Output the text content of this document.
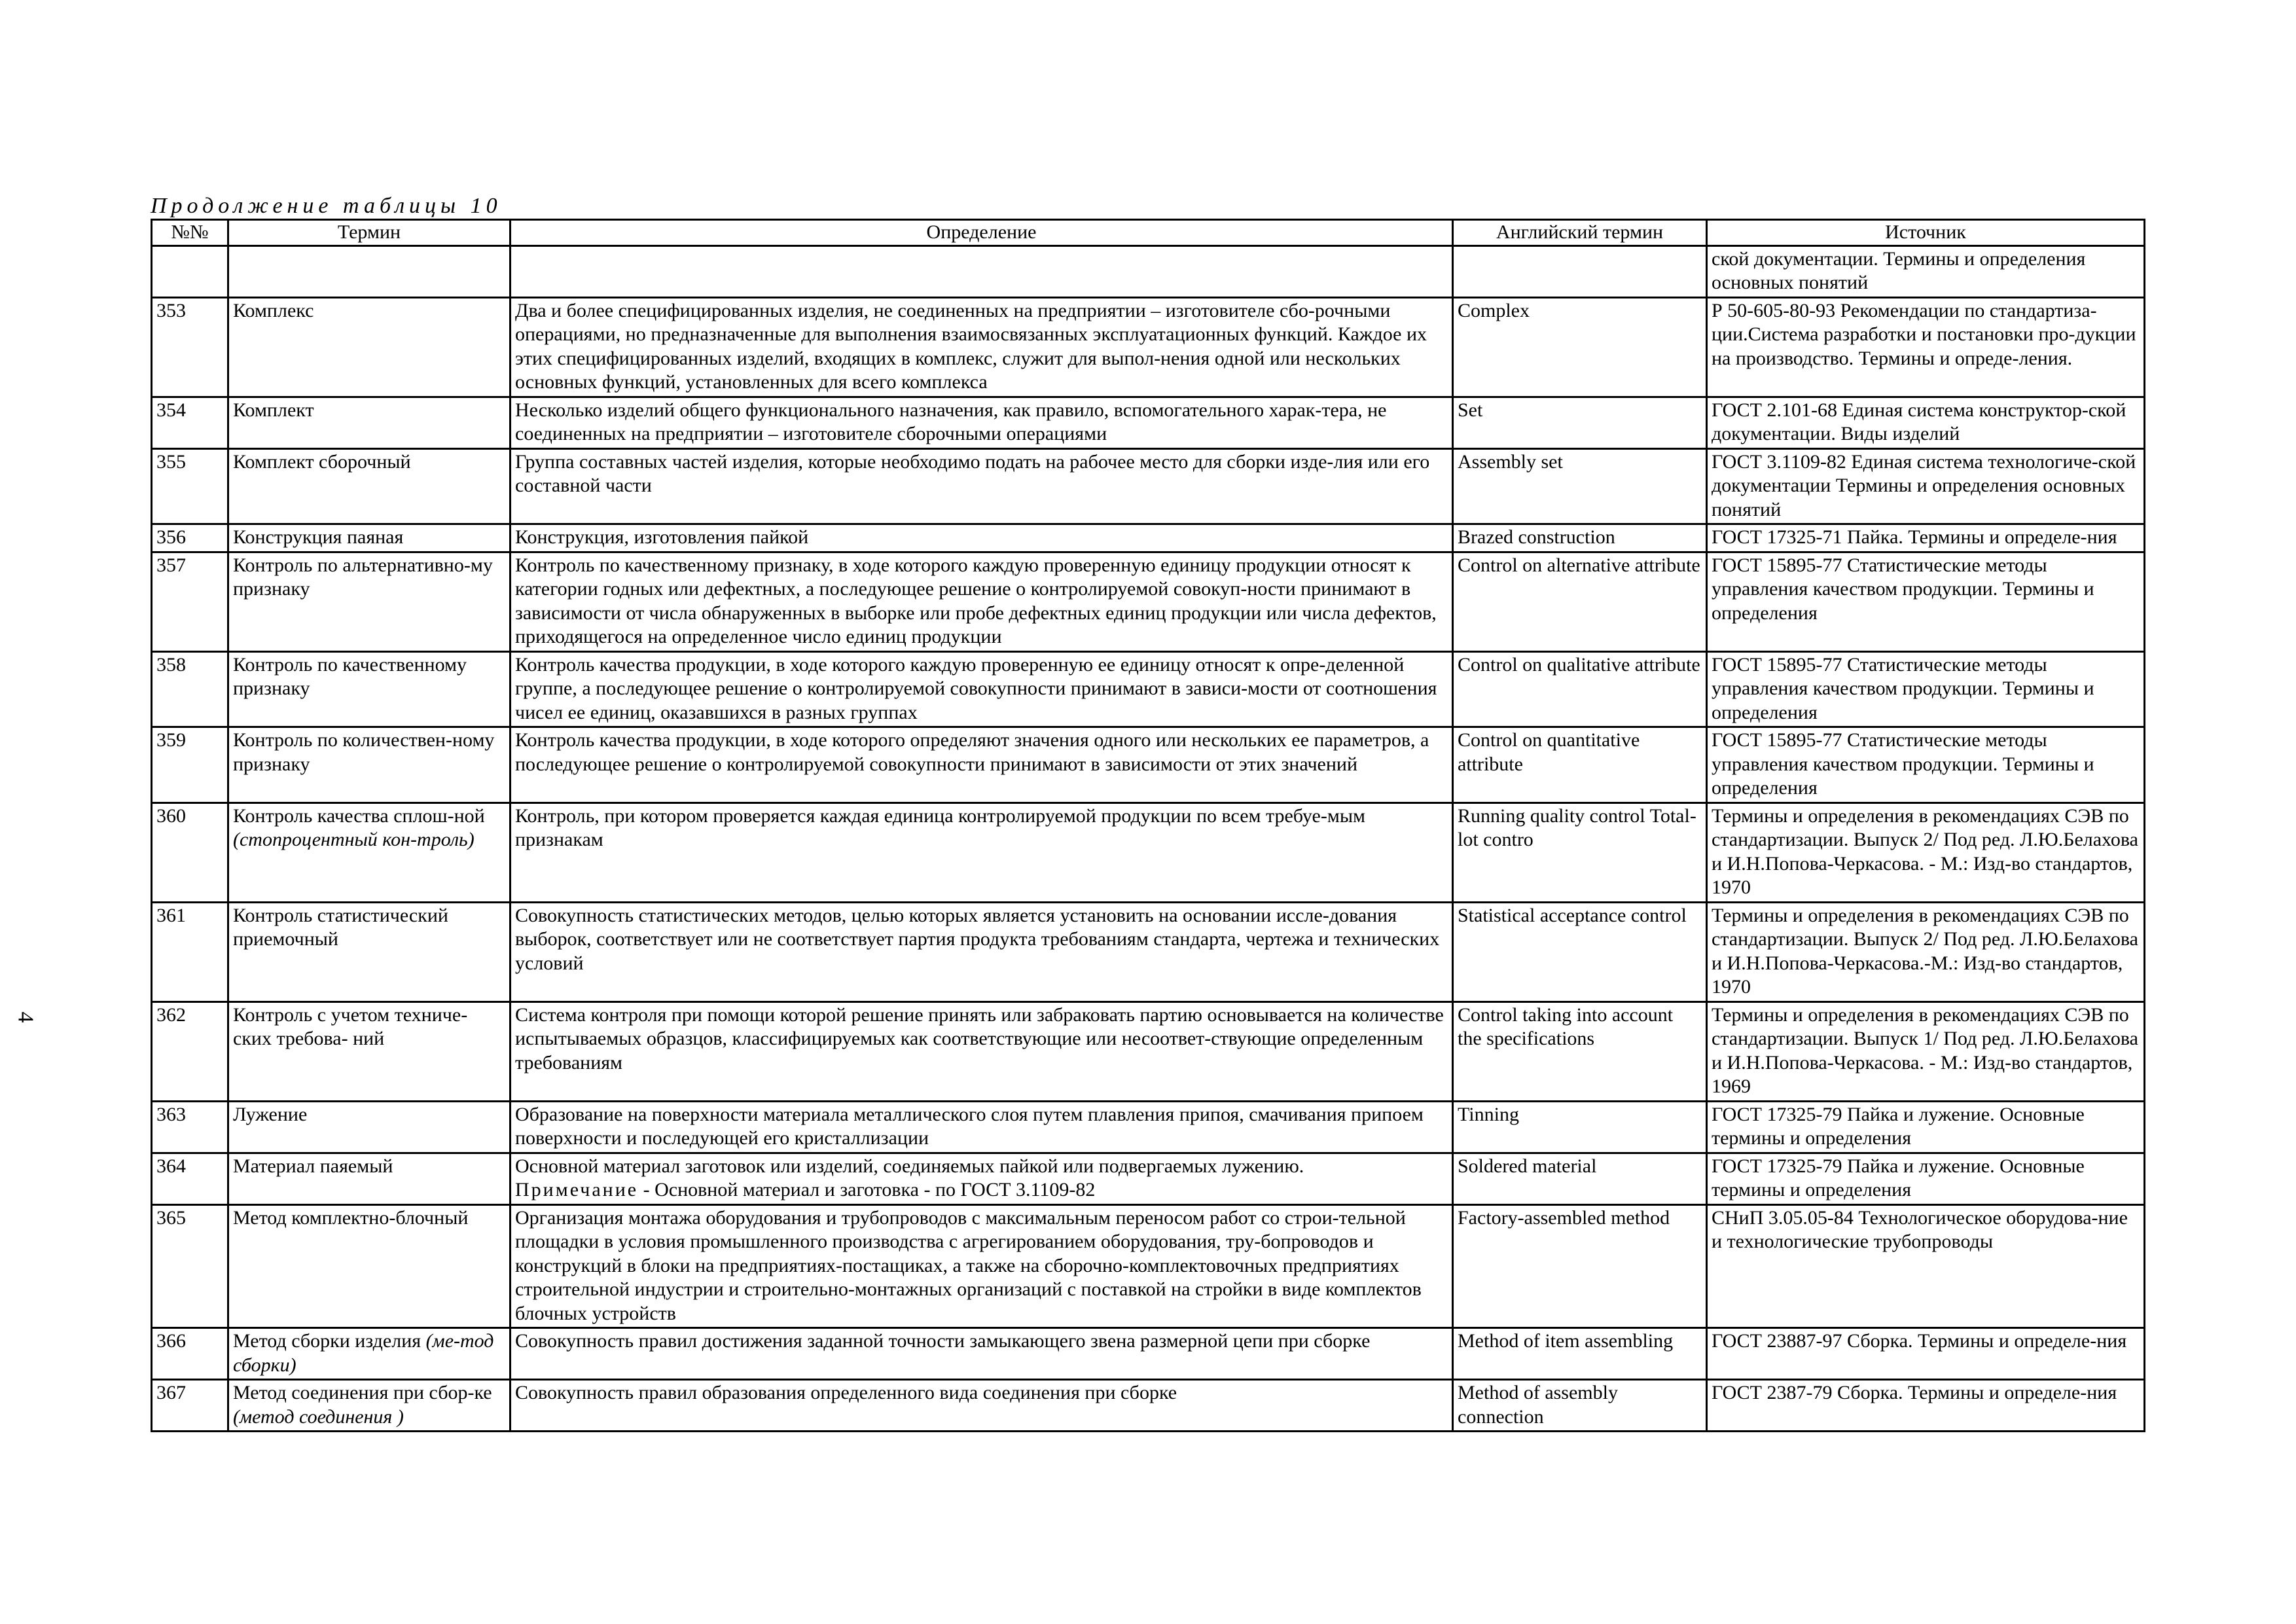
Продолжение таблицы 10
4
№№	Термин	Определение	Английский термин	Источник
				ской документации. Термины и определения основных понятий
353	Комплекс	Два и более специфицированных изделия, не соединенных на предприятии – изготовителе сбо-рочными операциями, но предназначенные для выполнения взаимосвязанных эксплуатационных функций. Каждое их этих специфицированных изделий, входящих в комплекс, служит для выпол-нения одной или нескольких основных функций, установленных для всего комплекса	Complex	Р 50-605-80-93 Рекомендации по стандартиза-ции.Система разработки и постановки про-дукции на производство. Термины и опреде-ления.
354	Комплект	Несколько изделий общего функционального назначения, как правило, вспомогательного харак-тера, не соединенных на предприятии – изготовителе сборочными операциями	Set	ГОСТ 2.101-68 Единая система конструктор-ской документации. Виды изделий
355	Комплект сборочный	Группа составных частей изделия, которые необходимо подать на рабочее место для сборки изде-лия или его составной части	Assembly set	ГОСТ 3.1109-82 Единая система технологиче-ской документации Термины и определения основных понятий
356	Конструкция паяная	Конструкция, изготовления пайкой	Brazed construction	ГОСТ 17325-71 Пайка. Термины и определе-ния
357	Контроль по альтернативно-му признаку	Контроль по качественному признаку, в ходе которого каждую проверенную единицу продукции относят к категории годных или дефектных, а последующее решение о контролируемой совокуп-ности принимают в зависимости от числа обнаруженных в выборке или пробе дефектных единиц продукции или числа дефектов, приходящегося на определенное число единиц продукции	Control on alternative attribute	ГОСТ 15895-77 Статистические методы управления качеством продукции. Термины и определения
358	Контроль по качественному признаку	Контроль качества продукции, в ходе которого каждую проверенную ее единицу относят к опре-деленной группе, а последующее решение о контролируемой совокупности принимают в зависи-мости от соотношения чисел ее единиц, оказавшихся в разных группах	Control on qualitative attribute	ГОСТ 15895-77 Статистические методы управления качеством продукции. Термины и определения
359	Контроль по количествен-ному признаку	Контроль качества продукции, в ходе которого определяют значения одного или нескольких ее параметров, а последующее решение о контролируемой совокупности принимают в зависимости от этих значений	Control on quantitative attribute	ГОСТ 15895-77 Статистические методы управления качеством продукции. Термины и определения
360	Контроль качества сплош-ной (стопроцентный кон-троль)	Контроль, при котором проверяется каждая единица контролируемой продукции по всем требуе-мым признакам	Running quality control Total-lot contro	Термины и определения в рекомендациях СЭВ по стандартизации. Выпуск 2/ Под ред. Л.Ю.Белахова и И.Н.Попова-Черкасова. - М.: Изд-во стандартов, 1970
361	Контроль статистический приемочный	Совокупность статистических методов, целью которых является установить на основании иссле-дования выборок, соответствует или не соответствует партия продукта требованиям стандарта, чертежа и технических условий	Statistical acceptance control	Термины и определения в рекомендациях СЭВ по стандартизации. Выпуск 2/ Под ред. Л.Ю.Белахова и И.Н.Попова-Черкасова.-М.: Изд-во стандартов, 1970
362	Контроль с учетом техниче-ских требова- ний	Система контроля при помощи которой решение принять или забраковать партию основывается на количестве испытываемых образцов, классифицируемых как соответствующие или несоответ-ствующие определенным требованиям	Control taking into account the specifications	Термины и определения в рекомендациях СЭВ по стандартизации. Выпуск 1/ Под ред. Л.Ю.Белахова и И.Н.Попова-Черкасова. - М.: Изд-во стандартов, 1969
363	Лужение	Образование на поверхности материала металлического слоя путем плавления припоя, смачивания припоем поверхности и последующей его кристаллизации	Tinning	ГОСТ 17325-79 Пайка и лужение. Основные термины и определения
364	Материал паяемый	Основной материал заготовок или изделий, соединяемых пайкой или подвергаемых лужению.
Примечание - Основной материал и заготовка - по ГОСТ 3.1109-82	Soldered material	ГОСТ 17325-79 Пайка и лужение. Основные термины и определения
365	Метод комплектно-блочный	Организация монтажа оборудования и трубопроводов с максимальным переносом работ со строи-тельной площадки в условия промышленного производства с агрегированием оборудования, тру-бопроводов и конструкций в блоки на предприятиях-постащиках, а также на сборочно-комплектовочных предприятиях строительной индустрии и строительно-монтажных организаций с поставкой на стройки в виде комплектов блочных устройств	Factory-assembled method	СНиП 3.05.05-84 Технологическое оборудова-ние и технологические трубопроводы
366	Метод сборки изделия (ме-тод сборки)	Совокупность правил достижения заданной точности замыкающего звена размерной цепи при сборке	Method of item assembling	ГОСТ 23887-97 Сборка. Термины и определе-ния
367	Метод соединения при сбор-ке (метод соединения )	Совокупность правил образования определенного вида соединения при сборке	Method of assembly connection	ГОСТ 2387-79 Сборка. Термины и определе-ния
